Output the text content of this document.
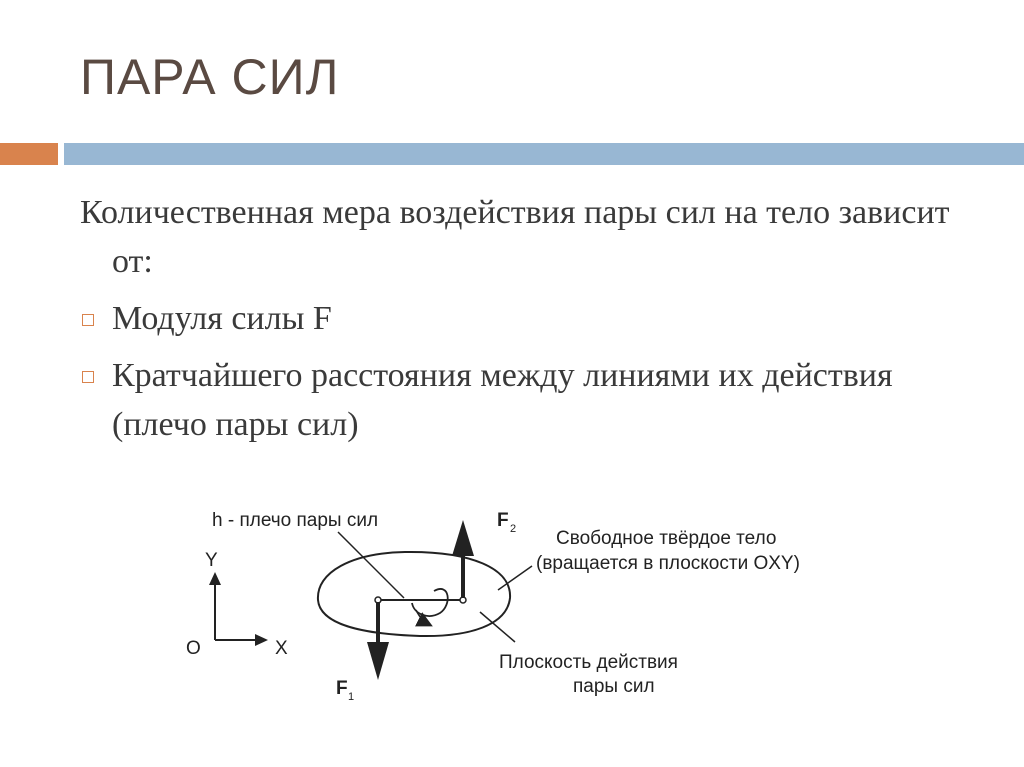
ПАРА СИЛ

Количественная мера воздействия пары сил на тело зависит от:

Модуля силы F
Кратчайшего расстояния между линиями их действия (плечо пары сил)
Y
X
O
F 2
F 1
h - плечо пары сил
Свободное твёрдое тело
(вращается в плоскости OXY)
Плоскость действия
пары сил
